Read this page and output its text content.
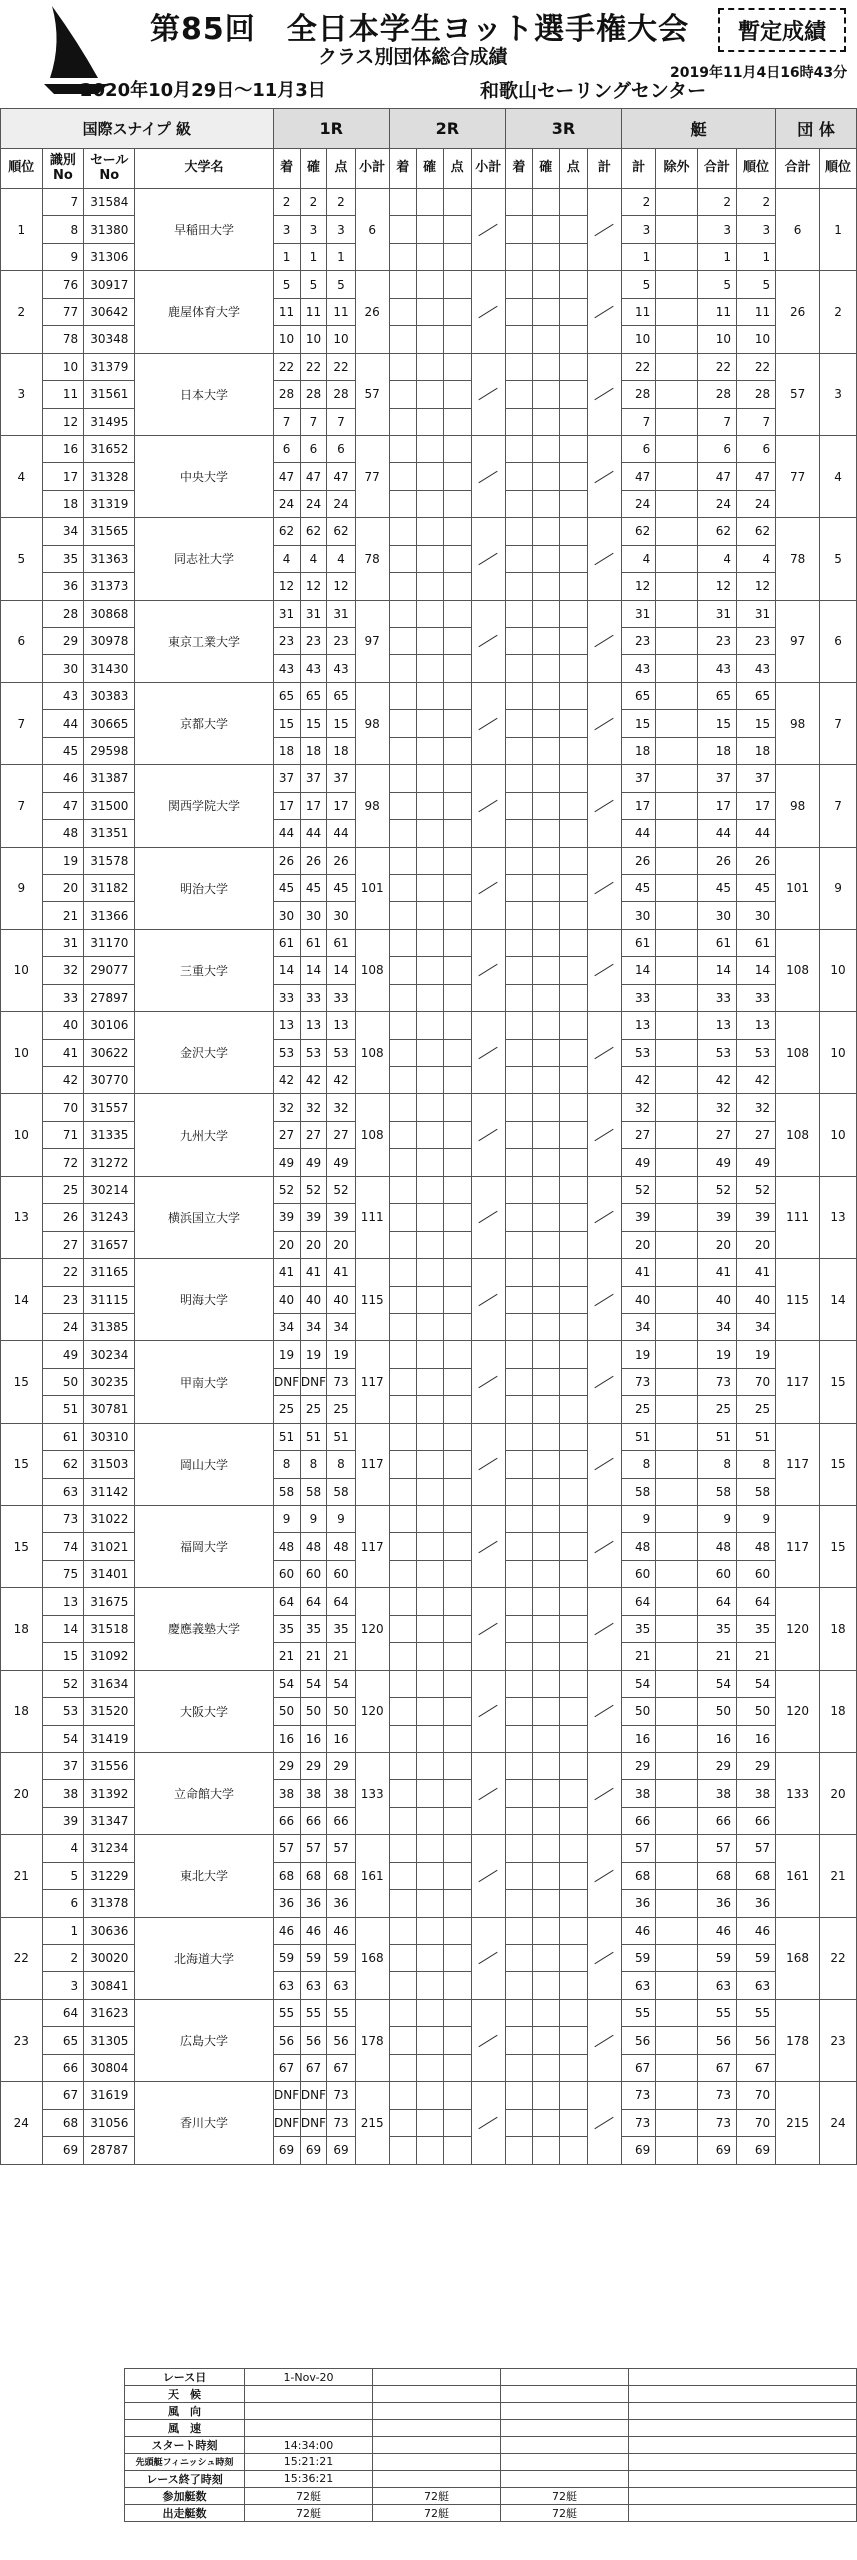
第85回　全日本学生ヨット選手権大会
クラス別団体総合成績
2020年10月29日～11月3日	和歌山セーリングセンター
暫定成績
2019年11月4日16時43分
国際スナイプ 級				1R				2R				3R				艇				団 体	
順位	識別 No	セール No	大学名	着	確	点	小計	着	確	点	小計	着	確	点	計	計	除外	合計	順位	合計	順位
1	7	31584	早稲田大学	2	2	2	6									2		2	2	6	1
	8	31380		3	3	3										3		3	3		
	9	31306		1	1	1										1		1	1		
2	76	30917	鹿屋体育大学	5	5	5	26									5		5	5	26	2
	77	30642		11	11	11										11		11	11		
	78	30348		10	10	10										10		10	10		
3	10	31379	日本大学	22	22	22	57									22		22	22	57	3
	11	31561		28	28	28										28		28	28		
	12	31495		7	7	7										7		7	7		
4	16	31652	中央大学	6	6	6	77									6		6	6	77	4
	17	31328		47	47	47										47		47	47		
	18	31319		24	24	24										24		24	24		
5	34	31565	同志社大学	62	62	62	78									62		62	62	78	5
	35	31363		4	4	4										4		4	4		
	36	31373		12	12	12										12		12	12		
6	28	30868	東京工業大学	31	31	31	97									31		31	31	97	6
	29	30978		23	23	23										23		23	23		
	30	31430		43	43	43										43		43	43		
7	43	30383	京都大学	65	65	65	98									65		65	65	98	7
	44	30665		15	15	15										15		15	15		
	45	29598		18	18	18										18		18	18		
7	46	31387	関西学院大学	37	37	37	98									37		37	37	98	7
	47	31500		17	17	17										17		17	17		
	48	31351		44	44	44										44		44	44		
9	19	31578	明治大学	26	26	26	101									26		26	26	101	9
	20	31182		45	45	45										45		45	45		
	21	31366		30	30	30										30		30	30		
10	31	31170	三重大学	61	61	61	108									61		61	61	108	10
	32	29077		14	14	14										14		14	14		
	33	27897		33	33	33										33		33	33		
10	40	30106	金沢大学	13	13	13	108									13		13	13	108	10
	41	30622		53	53	53										53		53	53		
	42	30770		42	42	42										42		42	42		
10	70	31557	九州大学	32	32	32	108									32		32	32	108	10
	71	31335		27	27	27										27		27	27		
	72	31272		49	49	49										49		49	49		
13	25	30214	横浜国立大学	52	52	52	111									52		52	52	111	13
	26	31243		39	39	39										39		39	39		
	27	31657		20	20	20										20		20	20		
14	22	31165	明海大学	41	41	41	115									41		41	41	115	14
	23	31115		40	40	40										40		40	40		
	24	31385		34	34	34										34		34	34		
15	49	30234	甲南大学	19	19	19	117									19		19	19	117	15
	50	30235		DNF	DNF	73										73		73	70		
	51	30781		25	25	25										25		25	25		
15	61	30310	岡山大学	51	51	51	117									51		51	51	117	15
	62	31503		8	8	8										8		8	8		
	63	31142		58	58	58										58		58	58		
15	73	31022	福岡大学	9	9	9	117									9		9	9	117	15
	74	31021		48	48	48										48		48	48		
	75	31401		60	60	60										60		60	60		
18	13	31675	慶應義塾大学	64	64	64	120									64		64	64	120	18
	14	31518		35	35	35										35		35	35		
	15	31092		21	21	21										21		21	21		
18	52	31634	大阪大学	54	54	54	120									54		54	54	120	18
	53	31520		50	50	50										50		50	50		
	54	31419		16	16	16										16		16	16		
20	37	31556	立命館大学	29	29	29	133									29		29	29	133	20
	38	31392		38	38	38										38		38	38		
	39	31347		66	66	66										66		66	66		
21	4	31234	東北大学	57	57	57	161									57		57	57	161	21
	5	31229		68	68	68										68		68	68		
	6	31378		36	36	36										36		36	36		
22	1	30636	北海道大学	46	46	46	168									46		46	46	168	22
	2	30020		59	59	59										59		59	59		
	3	30841		63	63	63										63		63	63		
23	64	31623	広島大学	55	55	55	178									55		55	55	178	23
	65	31305		56	56	56										56		56	56		
	66	30804		67	67	67										67		67	67		
24	67	31619	香川大学	DNF	DNF	73	215									73		73	70	215	24
	68	31056		DNF	DNF	73										73		73	70		
	69	28787		69	69	69										69		69	69		
レース日	1-Nov-20			
天　候				
風　向				
風　速				
スタート時刻	14:34:00			
先頭艇フィニッシュ時刻	15:21:21			
レース終了時刻	15:36:21			
参加艇数	72艇	72艇	72艇	
出走艇数	72艇	72艇	72艇	
